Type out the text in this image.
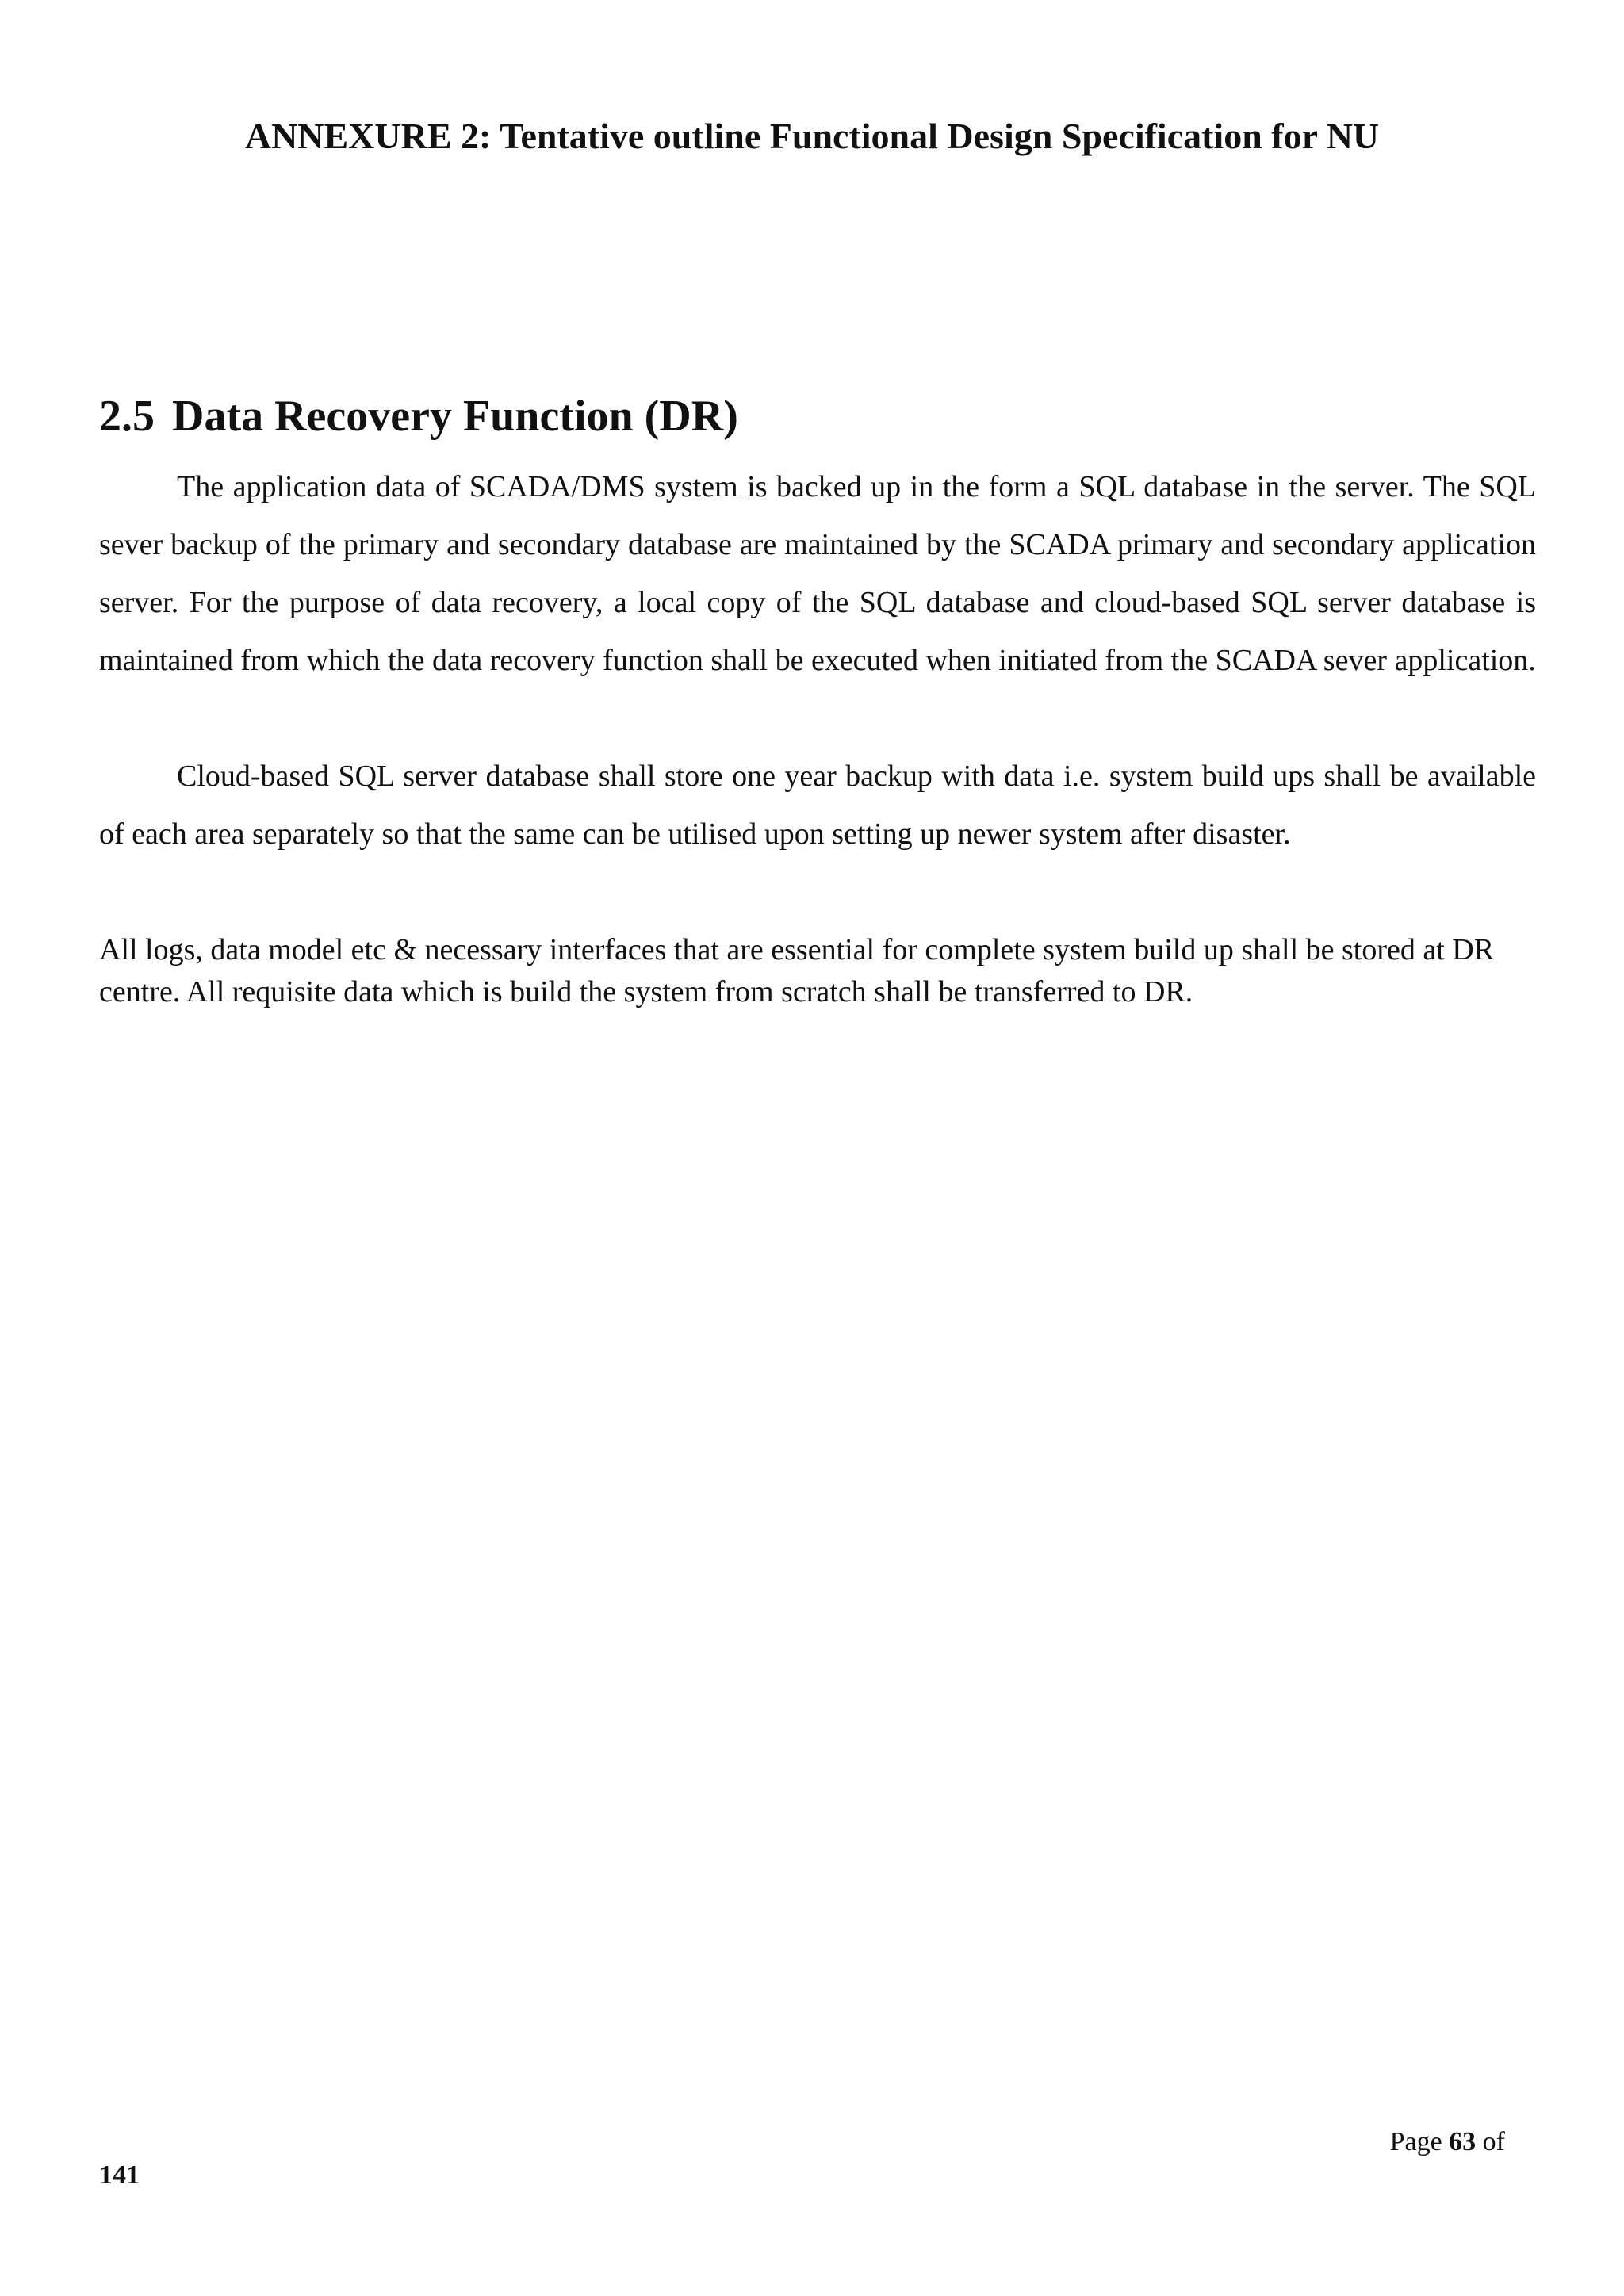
ANNEXURE 2: Tentative outline Functional Design Specification for NU
2.5 Data Recovery Function (DR)

The application data of SCADA/DMS system is backed up in the form a SQL database in the server. The SQL sever backup of the primary and secondary database are maintained by the SCADA primary and secondary application server. For the purpose of data recovery, a local copy of the SQL database and cloud-based SQL server database is maintained from which the data recovery function shall be executed when initiated from the SCADA sever application.

Cloud-based SQL server database shall store one year backup with data i.e. system build ups shall be available of each area separately so that the same can be utilised upon setting up newer system after disaster.

All logs, data model etc & necessary interfaces that are essential for complete system build up shall be stored at DR centre. All requisite data which is build the system from scratch shall be transferred to DR.

Page 63 of
141
